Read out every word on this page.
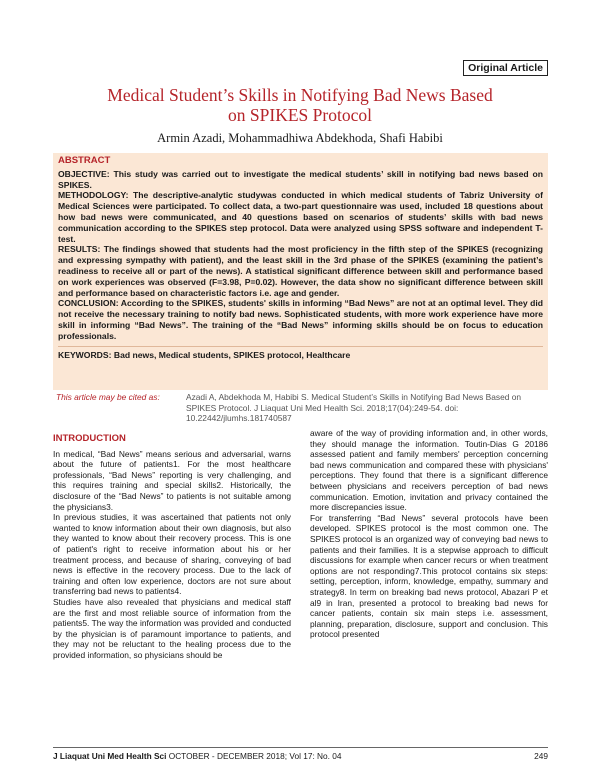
Original Article
Medical Student’s Skills in Notifying Bad News Based
on SPIKES Protocol
Armin Azadi, Mohammadhiwa Abdekhoda, Shafi Habibi
ABSTRACT

OBJECTIVE: This study was carried out to investigate the medical students’ skill in notifying bad news based on SPIKES.

METHODOLOGY: The descriptive-analytic studywas conducted in which medical students of Tabriz University of Medical Sciences were participated. To collect data, a two-part questionnaire was used, included 18 questions about how bad news were communicated, and 40 questions based on scenarios of students’ skills with bad news communication according to the SPIKES step protocol. Data were analyzed using SPSS software and independent T-test.

RESULTS: The findings showed that students had the most proficiency in the fifth step of the SPIKES (recognizing and expressing sympathy with patient), and the least skill in the 3rd phase of the SPIKES (examining the patient’s readiness to receive all or part of the news). A statistical significant difference between skill and performance based on work experiences was observed (F=3.98, P=0.02). However, the data show no significant difference between skill and performance based on characteristic factors i.e. age and gender.

CONCLUSION: According to the SPIKES, students' skills in informing “Bad News” are not at an optimal level. They did not receive the necessary training to notify bad news. Sophisticated students, with more work experience have more skill in informing “Bad News”. The training of the “Bad News” informing skills should be on focus to education professionals.

KEYWORDS: Bad news, Medical students, SPIKES protocol, Healthcare
This article may be cited as:	Azadi A, Abdekhoda M, Habibi S. Medical Student’s Skills in Notifying Bad News Based on SPIKES Protocol. J Liaquat Uni Med Health Sci. 2018;17(04):249-54. doi: 10.22442/jlumhs.181740587
INTRODUCTION

In medical, “Bad News” means serious and adversarial, warns about the future of patients1. For the most healthcare professionals, “Bad News” reporting is very challenging, and this requires training and special skills2. Historically, the disclosure of the “Bad News” to patients is not suitable among the physicians3.

In previous studies, it was ascertained that patients not only wanted to know information about their own diagnosis, but also they wanted to know about their recovery process. This is one of patient's right to receive information about his or her treatment process, and because of sharing, conveying of bad news is effective in the recovery process. Due to the lack of training and often low experience, doctors are not sure about transferring bad news to patients4.

Studies have also revealed that physicians and medical staff are the first and most reliable source of information from the patients5. The way the information was provided and conducted by the physician is of paramount importance to patients, and they may not be reluctant to the healing process due to the provided information, so physicians should be

aware of the way of providing information and, in other words, they should manage the information. Toutin-Dias G 20186 assessed patient and family members' perception concerning bad news communication and compared these with physicians' perceptions. They found that there is a significant difference between physicians and receivers perception of bad news communication. Emotion, invitation and privacy contained the more discrepancies issue.

For transferring “Bad News” several protocols have been developed. SPIKES protocol is the most common one. The SPIKES protocol is an organized way of conveying bad news to patients and their families. It is a stepwise approach to difficult discussions for example when cancer recurs or when treatment options are not responding7.This protocol contains six steps: setting, perception, inform, knowledge, empathy, summary and strategy8. In term on breaking bad news protocol, Abazari P et al9 in Iran, presented a protocol to breaking bad news for cancer patients, contain six main steps i.e. assessment, planning, preparation, disclosure, support and conclusion. This protocol presented

J Liaquat Uni Med Health Sci OCTOBER - DECEMBER 2018; Vol 17: No. 04	249
